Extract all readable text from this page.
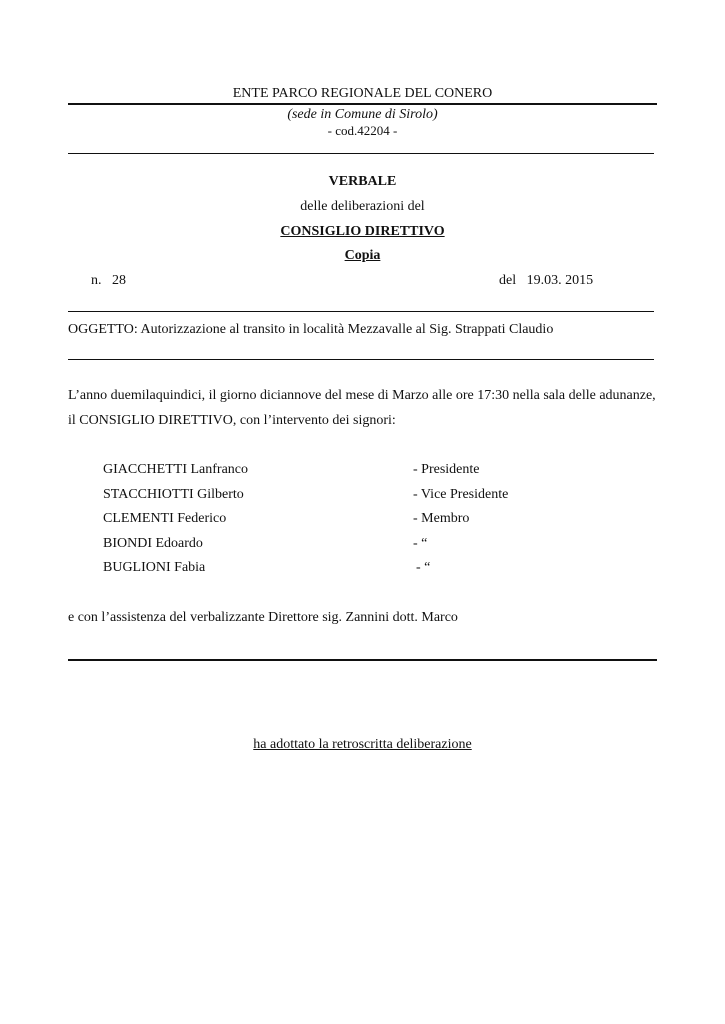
ENTE PARCO REGIONALE DEL CONERO
(sede in Comune di Sirolo)
- cod.42204 -
VERBALE
delle deliberazioni del
CONSIGLIO DIRETTIVO
Copia
n. 28	del 19.03. 2015
OGGETTO: Autorizzazione al transito in località Mezzavalle al Sig. Strappati Claudio
L’anno duemilaquindici, il giorno diciannove del mese di Marzo alle ore 17:30 nella sala delle adunanze,
il CONSIGLIO DIRETTIVO, con l’intervento dei signori:
GIACCHETTI Lanfranco	- Presidente
STACCHIOTTI Gilberto	- Vice Presidente
CLEMENTI Federico	- Membro
BIONDI Edoardo	- “
BUGLIONI Fabia	- “
e con l’assistenza del verbalizzante Direttore sig. Zannini dott. Marco
ha adottato la retroscritta deliberazione
